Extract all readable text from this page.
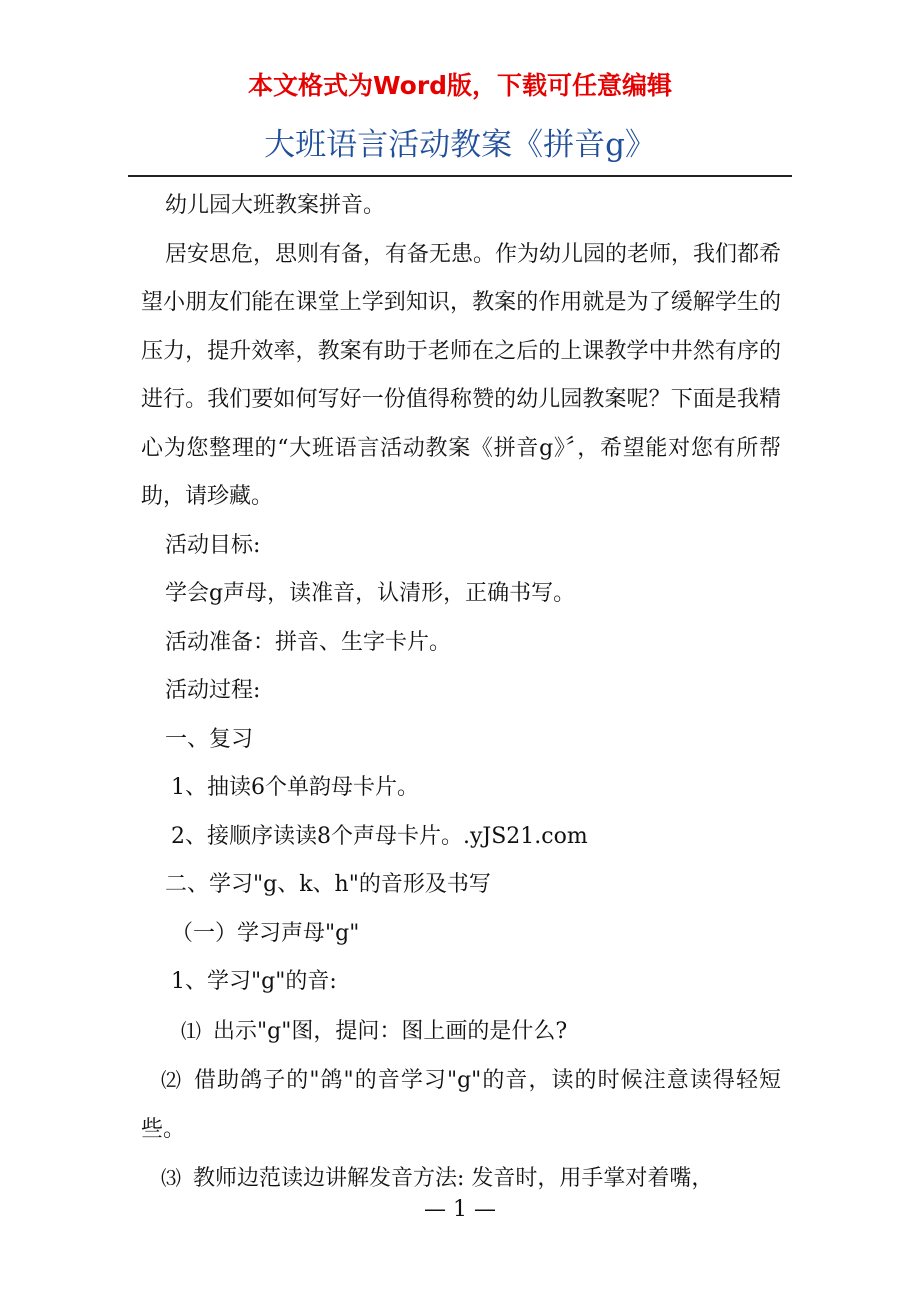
本文格式为Word版，下载可任意编辑
大班语言活动教案《拼音g》

幼儿园大班教案拼音。

居安思危，思则有备，有备无患。作为幼儿园的老师，我们都希望小朋友们能在课堂上学到知识，教案的作用就是为了缓解学生的压力，提升效率，教案有助于老师在之后的上课教学中井然有序的进行。我们要如何写好一份值得称赞的幼儿园教案呢？下面是我精心为您整理的“大班语言活动教案《拼音g》〞，希望能对您有所帮助，请珍藏。

活动目标:

学会g声母，读准音，认清形，正确书写。

活动准备：拼音、生字卡片。

活动过程:

一、复习

1、抽读6个单韵母卡片。

2、接顺序读读8个声母卡片。.yJS21.com

二、学习"g、k、h"的音形及书写

（一）学习声母"g"

1、学习"g"的音:

⑴ 出示"g"图，提问：图上画的是什么?

⑵ 借助鸽子的"鸽"的音学习"g"的音，读的时候注意读得轻短些。

⑶ 教师边范读边讲解发音方法: 发音时，用手掌对着嘴，

— 1 —
